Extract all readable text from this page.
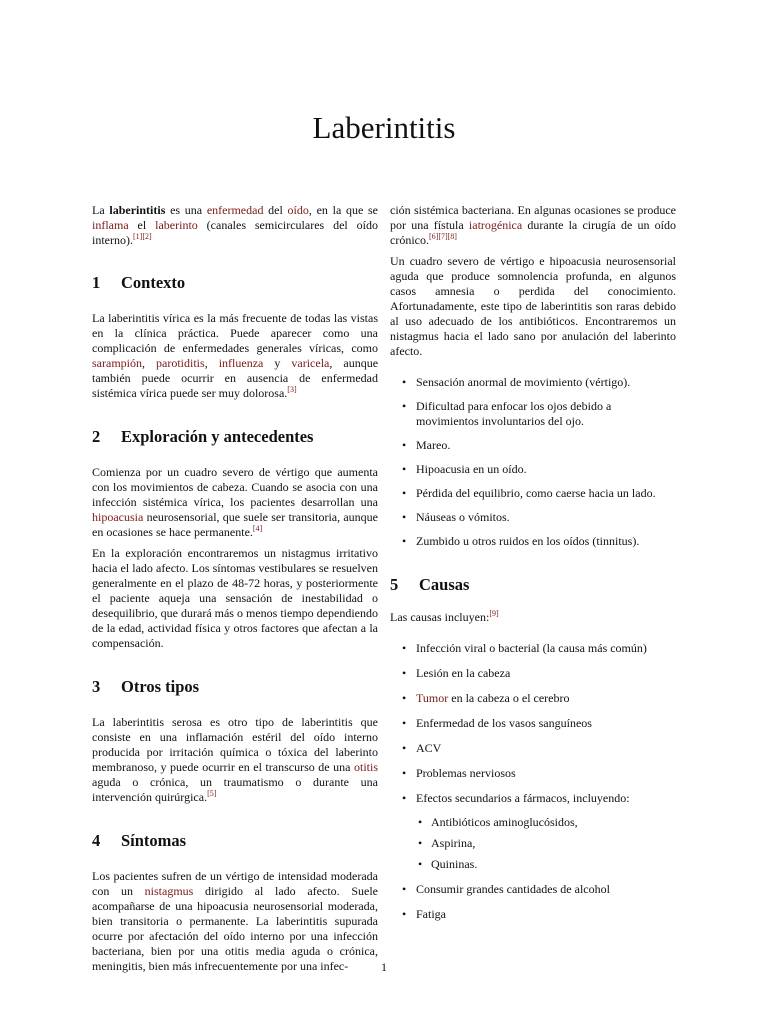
Laberintitis

La laberintitis es una enfermedad del oído, en la que se inflama el laberinto (canales semicirculares del oído interno).[1][2]

1	Contexto

La laberintitis vírica es la más frecuente de todas las vistas en la clínica práctica. Puede aparecer como una complicación de enfermedades generales víricas, como sarampión, parotiditis, influenza y varicela, aunque también puede ocurrir en ausencia de enfermedad sistémica vírica puede ser muy dolorosa.[3]

2	Exploración y antecedentes

Comienza por un cuadro severo de vértigo que aumenta con los movimientos de cabeza. Cuando se asocia con una infección sistémica vírica, los pacientes desarrollan una hipoacusia neurosensorial, que suele ser transitoria, aunque en ocasiones se hace permanente.[4]

En la exploración encontraremos un nistagmus irritativo hacia el lado afecto. Los síntomas vestibulares se resuelven generalmente en el plazo de 48-72 horas, y posteriormente el paciente aqueja una sensación de inestabilidad o desequilibrio, que durará más o menos tiempo dependiendo de la edad, actividad física y otros factores que afectan a la compensación.

3	Otros tipos

La laberintitis serosa es otro tipo de laberintitis que consiste en una inflamación estéril del oído interno producida por irritación química o tóxica del laberinto membranoso, y puede ocurrir en el transcurso de una otitis aguda o crónica, un traumatismo o durante una intervención quirúrgica.[5]

4	Síntomas

Los pacientes sufren de un vértigo de intensidad moderada con un nistagmus dirigido al lado afecto. Suele acompañarse de una hipoacusia neurosensorial moderada, bien transitoria o permanente. La laberintitis supurada ocurre por afectación del oído interno por una infección bacteriana, bien por una otitis media aguda o crónica, meningitis, bien más infrecuentemente por una infec-

ción sistémica bacteriana. En algunas ocasiones se produce por una fístula iatrogénica durante la cirugía de un oído crónico.[6][7][8]

Un cuadro severo de vértigo e hipoacusia neurosensorial aguda que produce somnolencia profunda, en algunos casos amnesia o perdida del conocimiento. Afortunadamente, este tipo de laberintitis son raras debido al uso adecuado de los antibióticos. Encontraremos un nistagmus hacia el lado sano por anulación del laberinto afecto.

• Sensación anormal de movimiento (vértigo).
• Dificultad para enfocar los ojos debido a movimientos involuntarios del ojo.
• Mareo.
• Hipoacusia en un oído.
• Pérdida del equilibrio, como caerse hacia un lado.
• Náuseas o vómitos.
• Zumbido u otros ruidos en los oídos (tinnitus).
5	Causas

Las causas incluyen:[9]

• Infección viral o bacterial (la causa más común)
• Lesión en la cabeza
• Tumor en la cabeza o el cerebro
• Enfermedad de los vasos sanguíneos
• ACV
• Problemas nerviosos
• Efectos secundarios a fármacos, incluyendo:
• Antibióticos aminoglucósidos,
• Aspirina,
• Quininas.
• Consumir grandes cantidades de alcohol
• Fatiga
1
